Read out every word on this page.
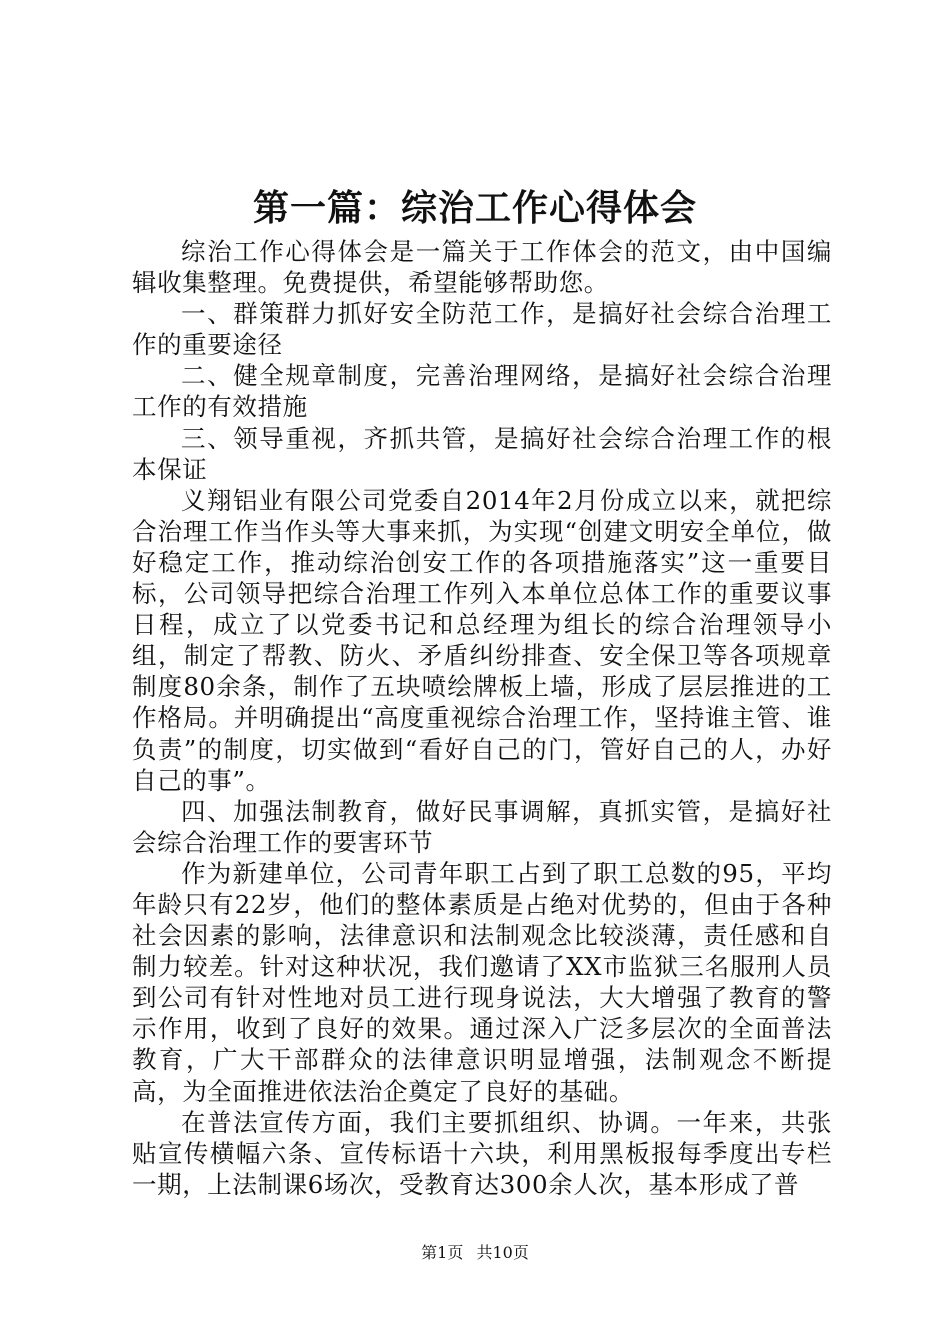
第一篇：综治工作心得体会

综治工作心得体会是一篇关于工作体会的范文，由中国编辑收集整理。免费提供，希望能够帮助您。

一、群策群力抓好安全防范工作，是搞好社会综合治理工作的重要途径

二、健全规章制度，完善治理网络，是搞好社会综合治理工作的有效措施

三、领导重视，齐抓共管，是搞好社会综合治理工作的根本保证

义翔铝业有限公司党委自2014年2月份成立以来，就把综合治理工作当作头等大事来抓，为实现“创建文明安全单位，做好稳定工作，推动综治创安工作的各项措施落实”这一重要目标，公司领导把综合治理工作列入本单位总体工作的重要议事日程，成立了以党委书记和总经理为组长的综合治理领导小组，制定了帮教、防火、矛盾纠纷排查、安全保卫等各项规章制度80余条，制作了五块喷绘牌板上墙，形成了层层推进的工作格局。并明确提出“高度重视综合治理工作，坚持谁主管、谁负责”的制度，切实做到“看好自己的门，管好自己的人，办好自己的事”。

四、加强法制教育，做好民事调解，真抓实管，是搞好社会综合治理工作的要害环节

作为新建单位，公司青年职工占到了职工总数的95，平均年龄只有22岁，他们的整体素质是占绝对优势的，但由于各种社会因素的影响，法律意识和法制观念比较淡薄，责任感和自制力较差。针对这种状况，我们邀请了XX市监狱三名服刑人员到公司有针对性地对员工进行现身说法，大大增强了教育的警示作用，收到了良好的效果。通过深入广泛多层次的全面普法教育，广大干部群众的法律意识明显增强，法制观念不断提高，为全面推进依法治企奠定了良好的基础。

在普法宣传方面，我们主要抓组织、协调。一年来，共张贴宣传横幅六条、宣传标语十六块，利用黑板报每季度出专栏一期，上法制课6场次，受教育达300余人次，基本形成了普

第1页 共10页
